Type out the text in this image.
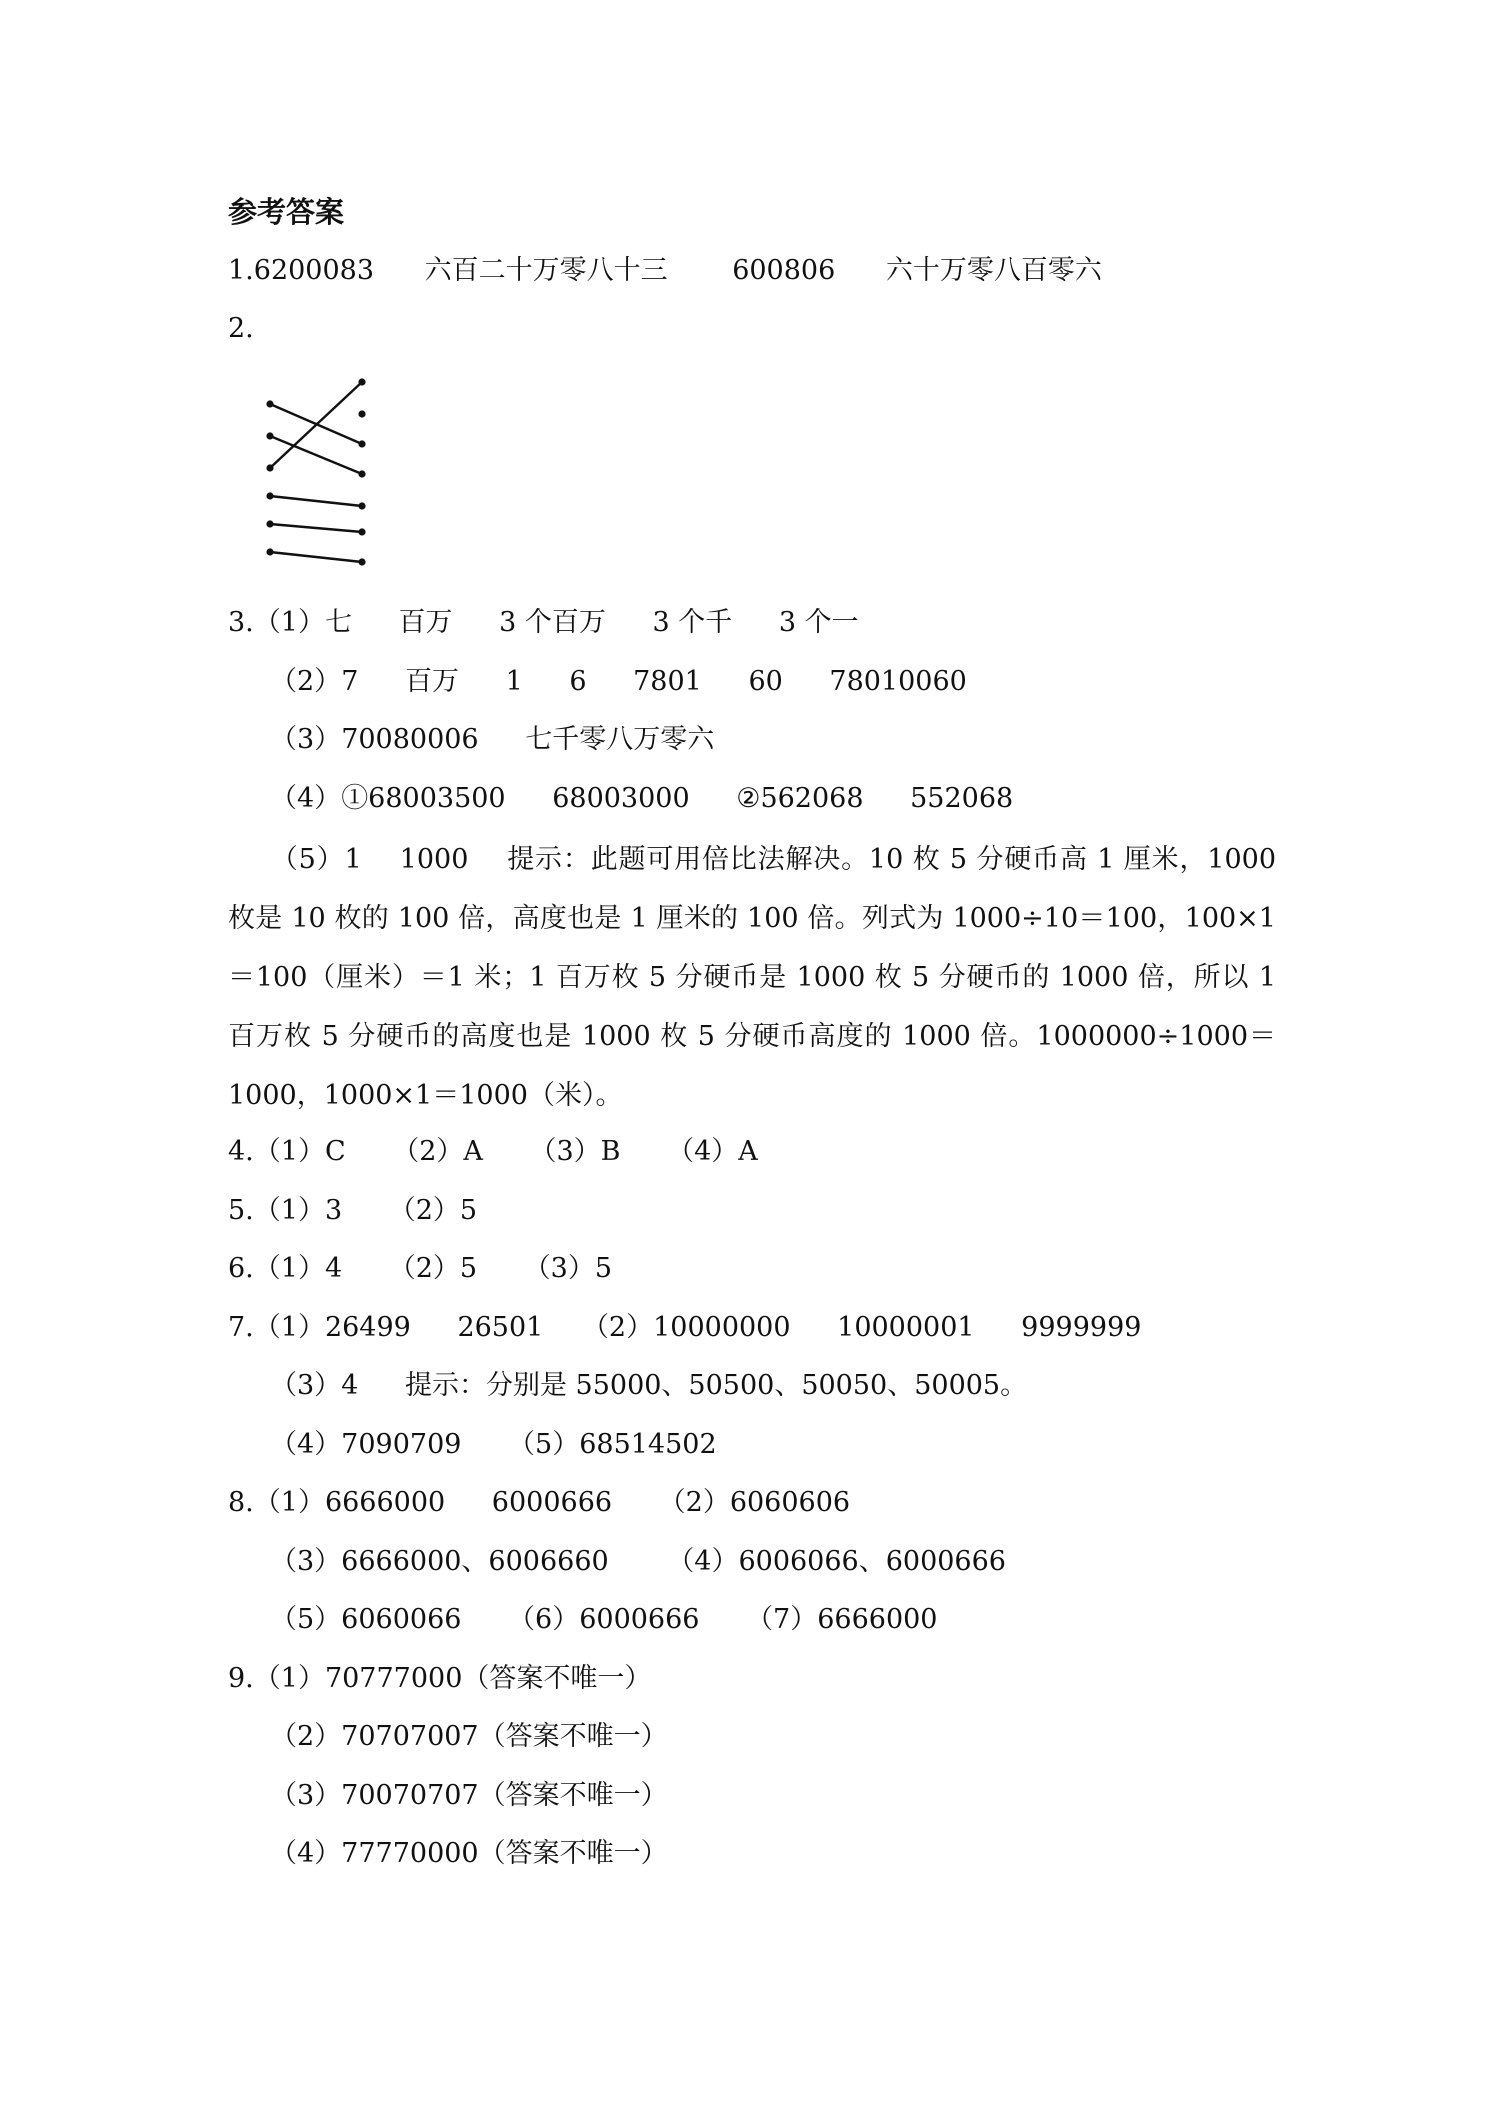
参考答案
1.6200083 六百二十万零八十三 600806 六十万零八百零六
2.
3.（1）七 百万 3 个百万 3 个千 3 个一
（2）7 百万 1 6 7801 60 78010060
（3）70080006 七千零八万零六
（4）①68003500 68003000 ②562068 552068
（5）1 1000 提示：此题可用倍比法解决。10 枚 5 分硬币高 1 厘米，1000 枚是 10 枚的 100 倍，高度也是 1 厘米的 100 倍。列式为 1000÷10＝100，100×1＝100（厘米）＝1 米；1 百万枚 5 分硬币是 1000 枚 5 分硬币的 1000 倍，所以 1 百万枚 5 分硬币的高度也是 1000 枚 5 分硬币高度的 1000 倍。1000000÷1000＝1000，1000×1＝1000（米）。
4.（1）C （2）A （3）B （4）A
5.（1）3 （2）5
6.（1）4 （2）5 （3）5
7.（1）26499 26501 （2）10000000 10000001 9999999
（3）4 提示：分别是 55000、50500、50050、50005。
（4）7090709 （5）68514502
8.（1）6666000 6000666 （2）6060606
（3）6666000、6006660 （4）6006066、6000666
（5）6060066 （6）6000666 （7）6666000
9.（1）70777000（答案不唯一）
（2）70707007（答案不唯一）
（3）70070707（答案不唯一）
（4）77770000（答案不唯一）
